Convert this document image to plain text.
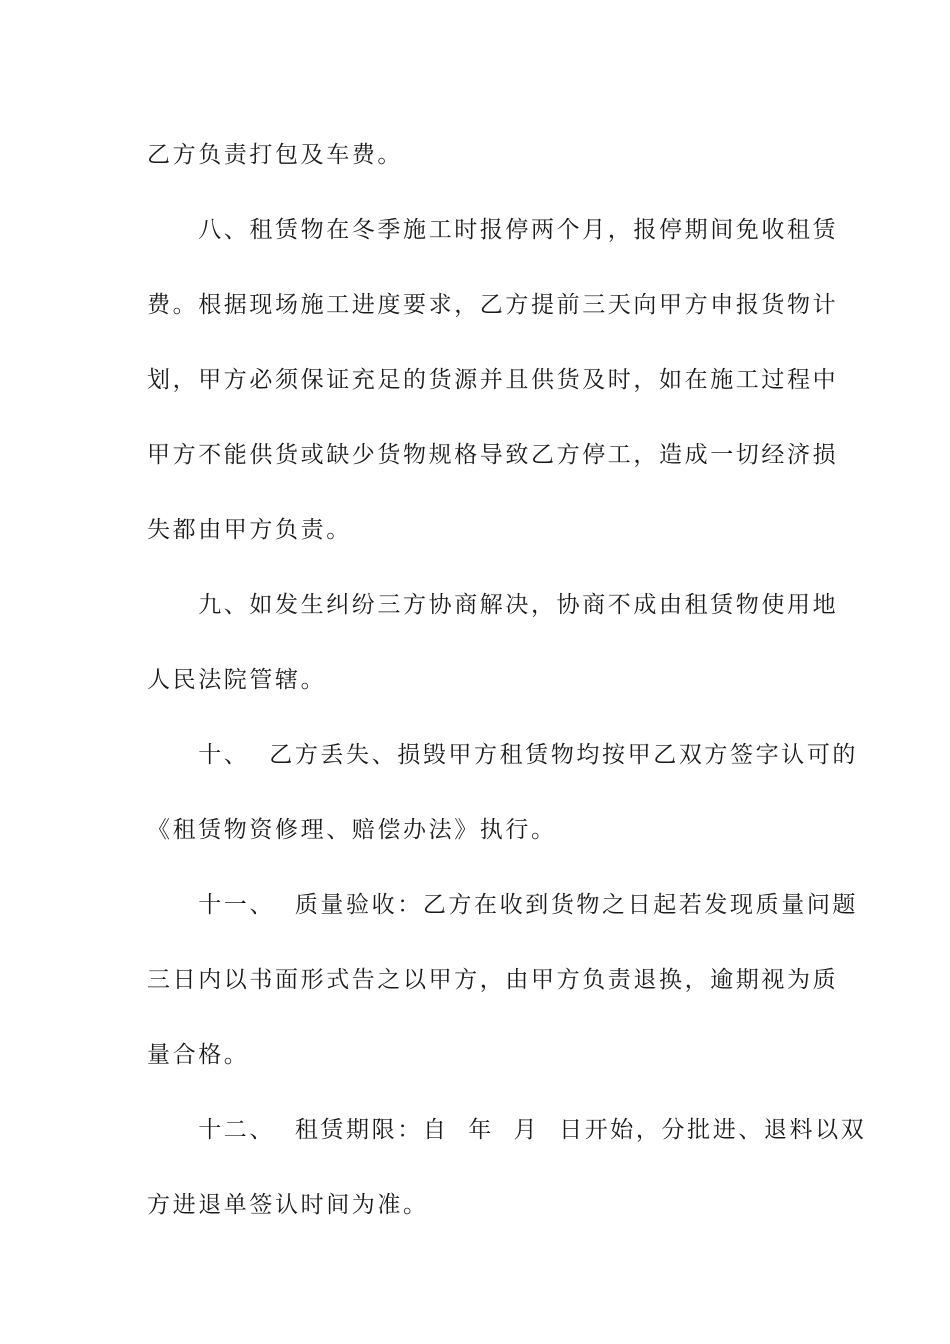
乙方负责打包及车费。
　　八、租赁物在冬季施工时报停两个月，报停期间免收租赁
费。根据现场施工进度要求，乙方提前三天向甲方申报货物计
划，甲方必须保证充足的货源并且供货及时，如在施工过程中
甲方不能供货或缺少货物规格导致乙方停工，造成一切经济损
失都由甲方负责。
　　九、如发生纠纷三方协商解决，协商不成由租赁物使用地
人民法院管辖。
　　十、  乙方丢失、损毁甲方租赁物均按甲乙双方签字认可的
《租赁物资修理、赔偿办法》执行。
　　十一、  质量验收：乙方在收到货物之日起若发现质量问题
三日内以书面形式告之以甲方，由甲方负责退换，逾期视为质
量合格。
　　十二、  租赁期限：自  年  月  日开始，分批进、退料以双
方进退单签认时间为准。
